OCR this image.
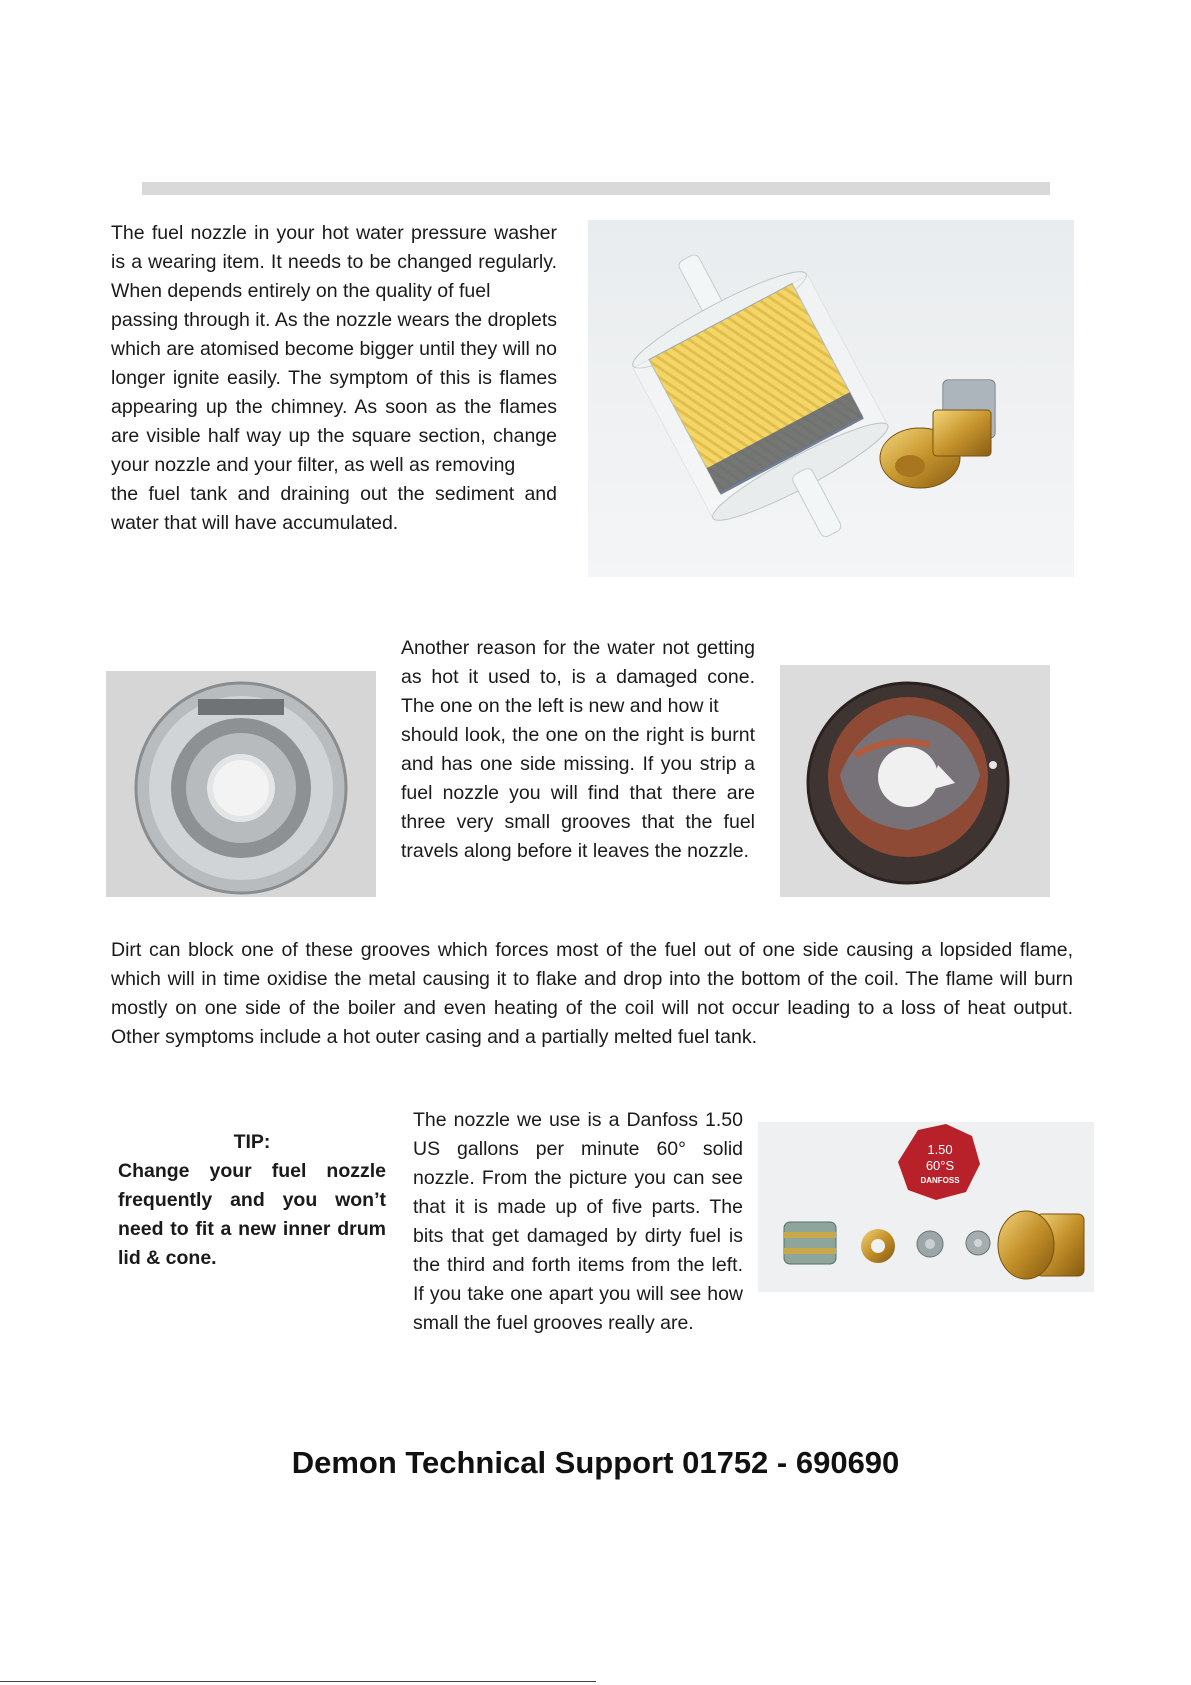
The fuel nozzle in your hot water pressure washer is a wearing item. It needs to be changed regularly. When depends entirely on the quality of fuel

passing through it. As the nozzle wears the droplets which are atomised become bigger until they will no longer ignite easily. The symptom of this is flames appearing up the chimney. As soon as the flames are visible half way up the square section, change your nozzle and your filter, as well as removing

the fuel tank and draining out the sediment and water that will have accumulated.

Another reason for the water not getting as hot it used to, is a damaged cone. The one on the left is new and how it

should look, the one on the right is burnt and has one side missing. If you strip a fuel nozzle you will find that there are three very small grooves that the fuel travels along before it leaves the nozzle.

Dirt can block one of these grooves which forces most of the fuel out of one side causing a lopsided flame, which will in time oxidise the metal causing it to flake and drop into the bottom of the coil. The flame will burn mostly on one side of the boiler and even heating of the coil will not occur leading to a loss of heat output. Other symptoms include a hot outer casing and a partially melted fuel tank.

TIP:
Change your fuel nozzle frequently and you won’t need to fit a new inner drum lid & cone.

The nozzle we use is a Danfoss 1.50 US gallons per minute 60° solid nozzle. From the picture you can see that it is made up of five parts. The bits that get damaged by dirty fuel is the third and forth items from the left. If you take one apart you will see how small the fuel grooves really are.

1.50
60°S
DANFOSS
Demon Technical Support 01752 - 690690
